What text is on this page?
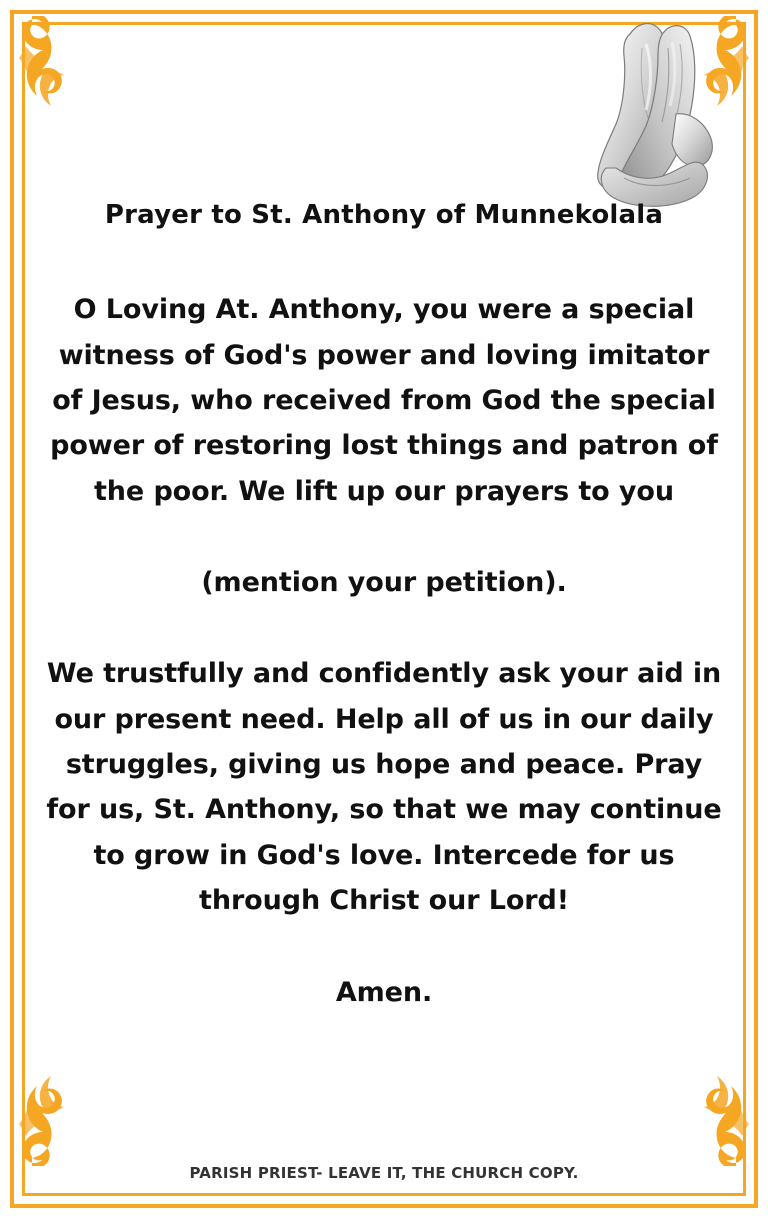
Prayer to St. Anthony of Munnekolala

O Loving At. Anthony, you were a special witness of God's power and loving imitator of Jesus, who received from God the special power of restoring lost things and patron of the poor. We lift up our prayers to you

(mention your petition).

We trustfully and confidently ask your aid in our present need. Help all of us in our daily struggles, giving us hope and peace. Pray for us, St. Anthony, so that we may continue to grow in God's love. Intercede for us through Christ our Lord!

Amen.

PARISH PRIEST- LEAVE IT, THE CHURCH COPY.
